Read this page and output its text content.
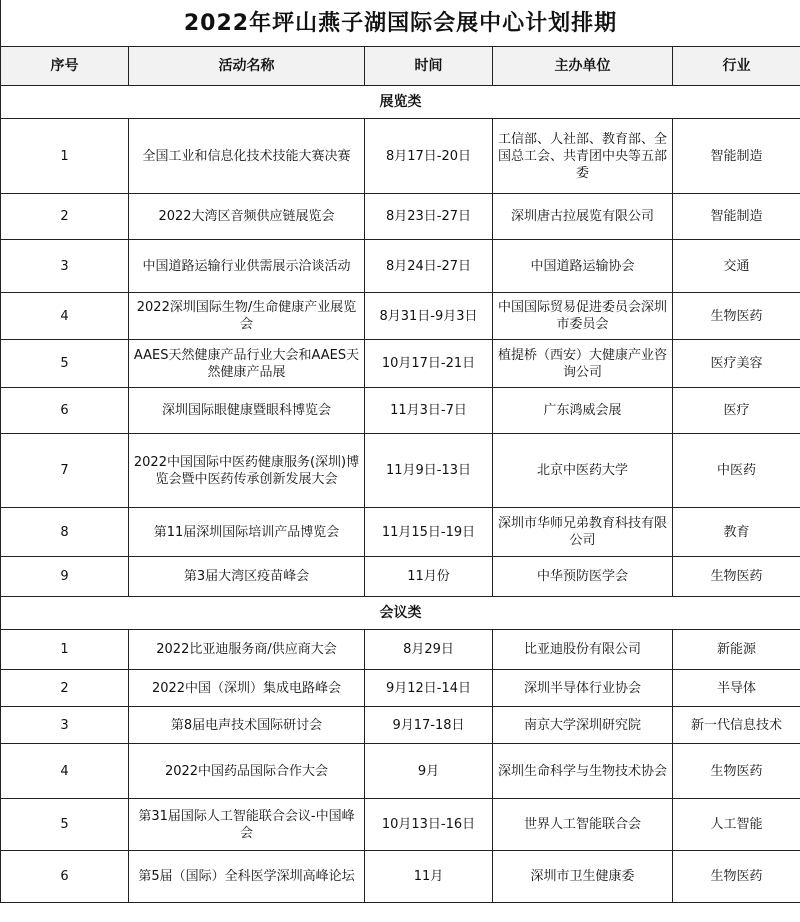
2022年坪山燕子湖国际会展中心计划排期				
序号	活动名称	时间	主办单位	行业
展览类				
1	全国工业和信息化技术技能大赛决赛	8月17日-20日	工信部、人社部、教育部、全国总工会、共青团中央等五部委	智能制造
2	2022大湾区音频供应链展览会	8月23日-27日	深圳唐古拉展览有限公司	智能制造
3	中国道路运输行业供需展示洽谈活动	8月24日-27日	中国道路运输协会	交通
4	2022深圳国际生物/生命健康产业展览会	8月31日-9月3日	中国国际贸易促进委员会深圳市委员会	生物医药
5	AAES天然健康产品行业大会和AAES天然健康产品展	10月17日-21日	植提桥（西安）大健康产业咨询公司	医疗美容
6	深圳国际眼健康暨眼科博览会	11月3日-7日	广东鸿威会展	医疗
7	2022中国国际中医药健康服务(深圳)博览会暨中医药传承创新发展大会	11月9日-13日	北京中医药大学	中医药
8	第11届深圳国际培训产品博览会	11月15日-19日	深圳市华师兄弟教育科技有限公司	教育
9	第3届大湾区疫苗峰会	11月份	中华预防医学会	生物医药
会议类				
1	2022比亚迪服务商/供应商大会	8月29日	比亚迪股份有限公司	新能源
2	2022中国（深圳）集成电路峰会	9月12日-14日	深圳半导体行业协会	半导体
3	第8届电声技术国际研讨会	9月17-18日	南京大学深圳研究院	新一代信息技术
4	2022中国药品国际合作大会	9月	深圳生命科学与生物技术协会	生物医药
5	第31届国际人工智能联合会议-中国峰会	10月13日-16日	世界人工智能联合会	人工智能
6	第5届（国际）全科医学深圳高峰论坛	11月	深圳市卫生健康委	生物医药
